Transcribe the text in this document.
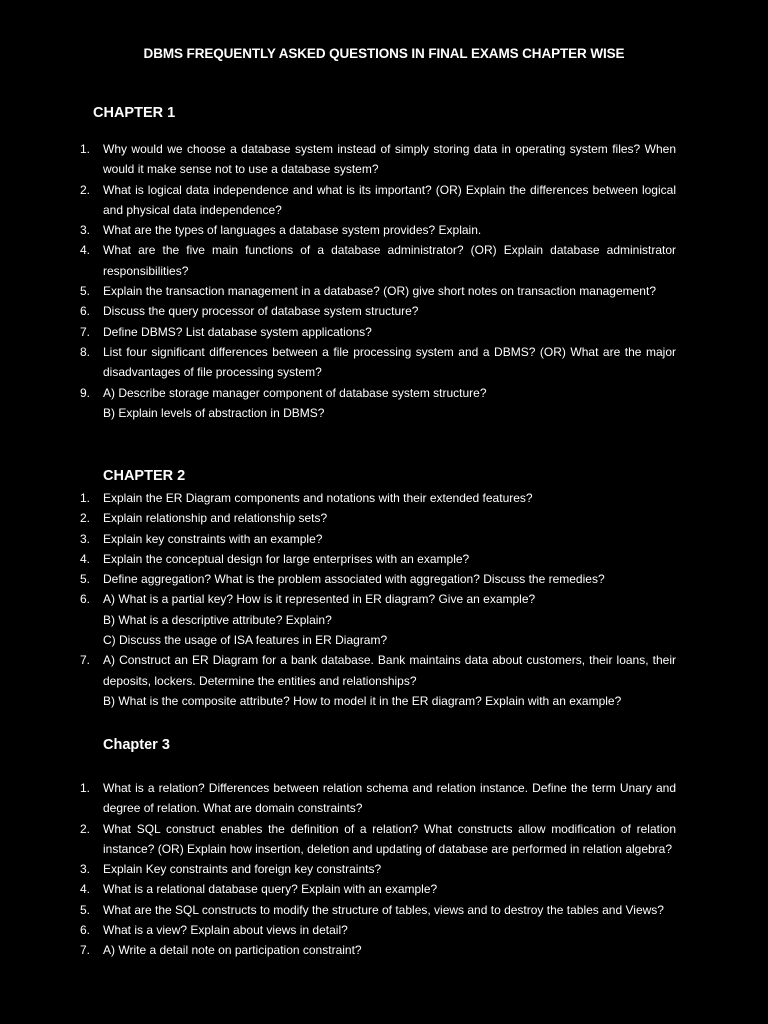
DBMS FREQUENTLY ASKED QUESTIONS IN FINAL EXAMS CHAPTER WISE
CHAPTER 1
1. Why would we choose a database system instead of simply storing data in operating system files? When would it make sense not to use a database system?
2. What is logical data independence and what is its important? (OR) Explain the differences between logical and physical data independence?
3. What are the types of languages a database system provides? Explain.
4. What are the five main functions of a database administrator? (OR) Explain database administrator responsibilities?
5. Explain the transaction management in a database? (OR) give short notes on transaction management?
6. Discuss the query processor of database system structure?
7. Define DBMS? List database system applications?
8. List four significant differences between a file processing system and a DBMS? (OR) What are the major disadvantages of file processing system?
9. A) Describe storage manager component of database system structure?
B) Explain levels of abstraction in DBMS?
CHAPTER 2
1. Explain the ER Diagram components and notations with their extended features?
2. Explain relationship and relationship sets?
3. Explain key constraints with an example?
4. Explain the conceptual design for large enterprises with an example?
5. Define aggregation? What is the problem associated with aggregation? Discuss the remedies?
6. A) What is a partial key? How is it represented in ER diagram? Give an example?
B) What is a descriptive attribute? Explain?
C) Discuss the usage of ISA features in ER Diagram?
7. A) Construct an ER Diagram for a bank database. Bank maintains data about customers, their loans, their deposits, lockers. Determine the entities and relationships?
B) What is the composite attribute? How to model it in the ER diagram? Explain with an example?
Chapter 3
1. What is a relation? Differences between relation schema and relation instance. Define the term Unary and degree of relation. What are domain constraints?
2. What SQL construct enables the definition of a relation? What constructs allow modification of relation instance? (OR) Explain how insertion, deletion and updating of database are performed in relation algebra?
3. Explain Key constraints and foreign key constraints?
4. What is a relational database query? Explain with an example?
5. What are the SQL constructs to modify the structure of tables, views and to destroy the tables and Views?
6. What is a view? Explain about views in detail?
7. A) Write a detail note on participation constraint?
